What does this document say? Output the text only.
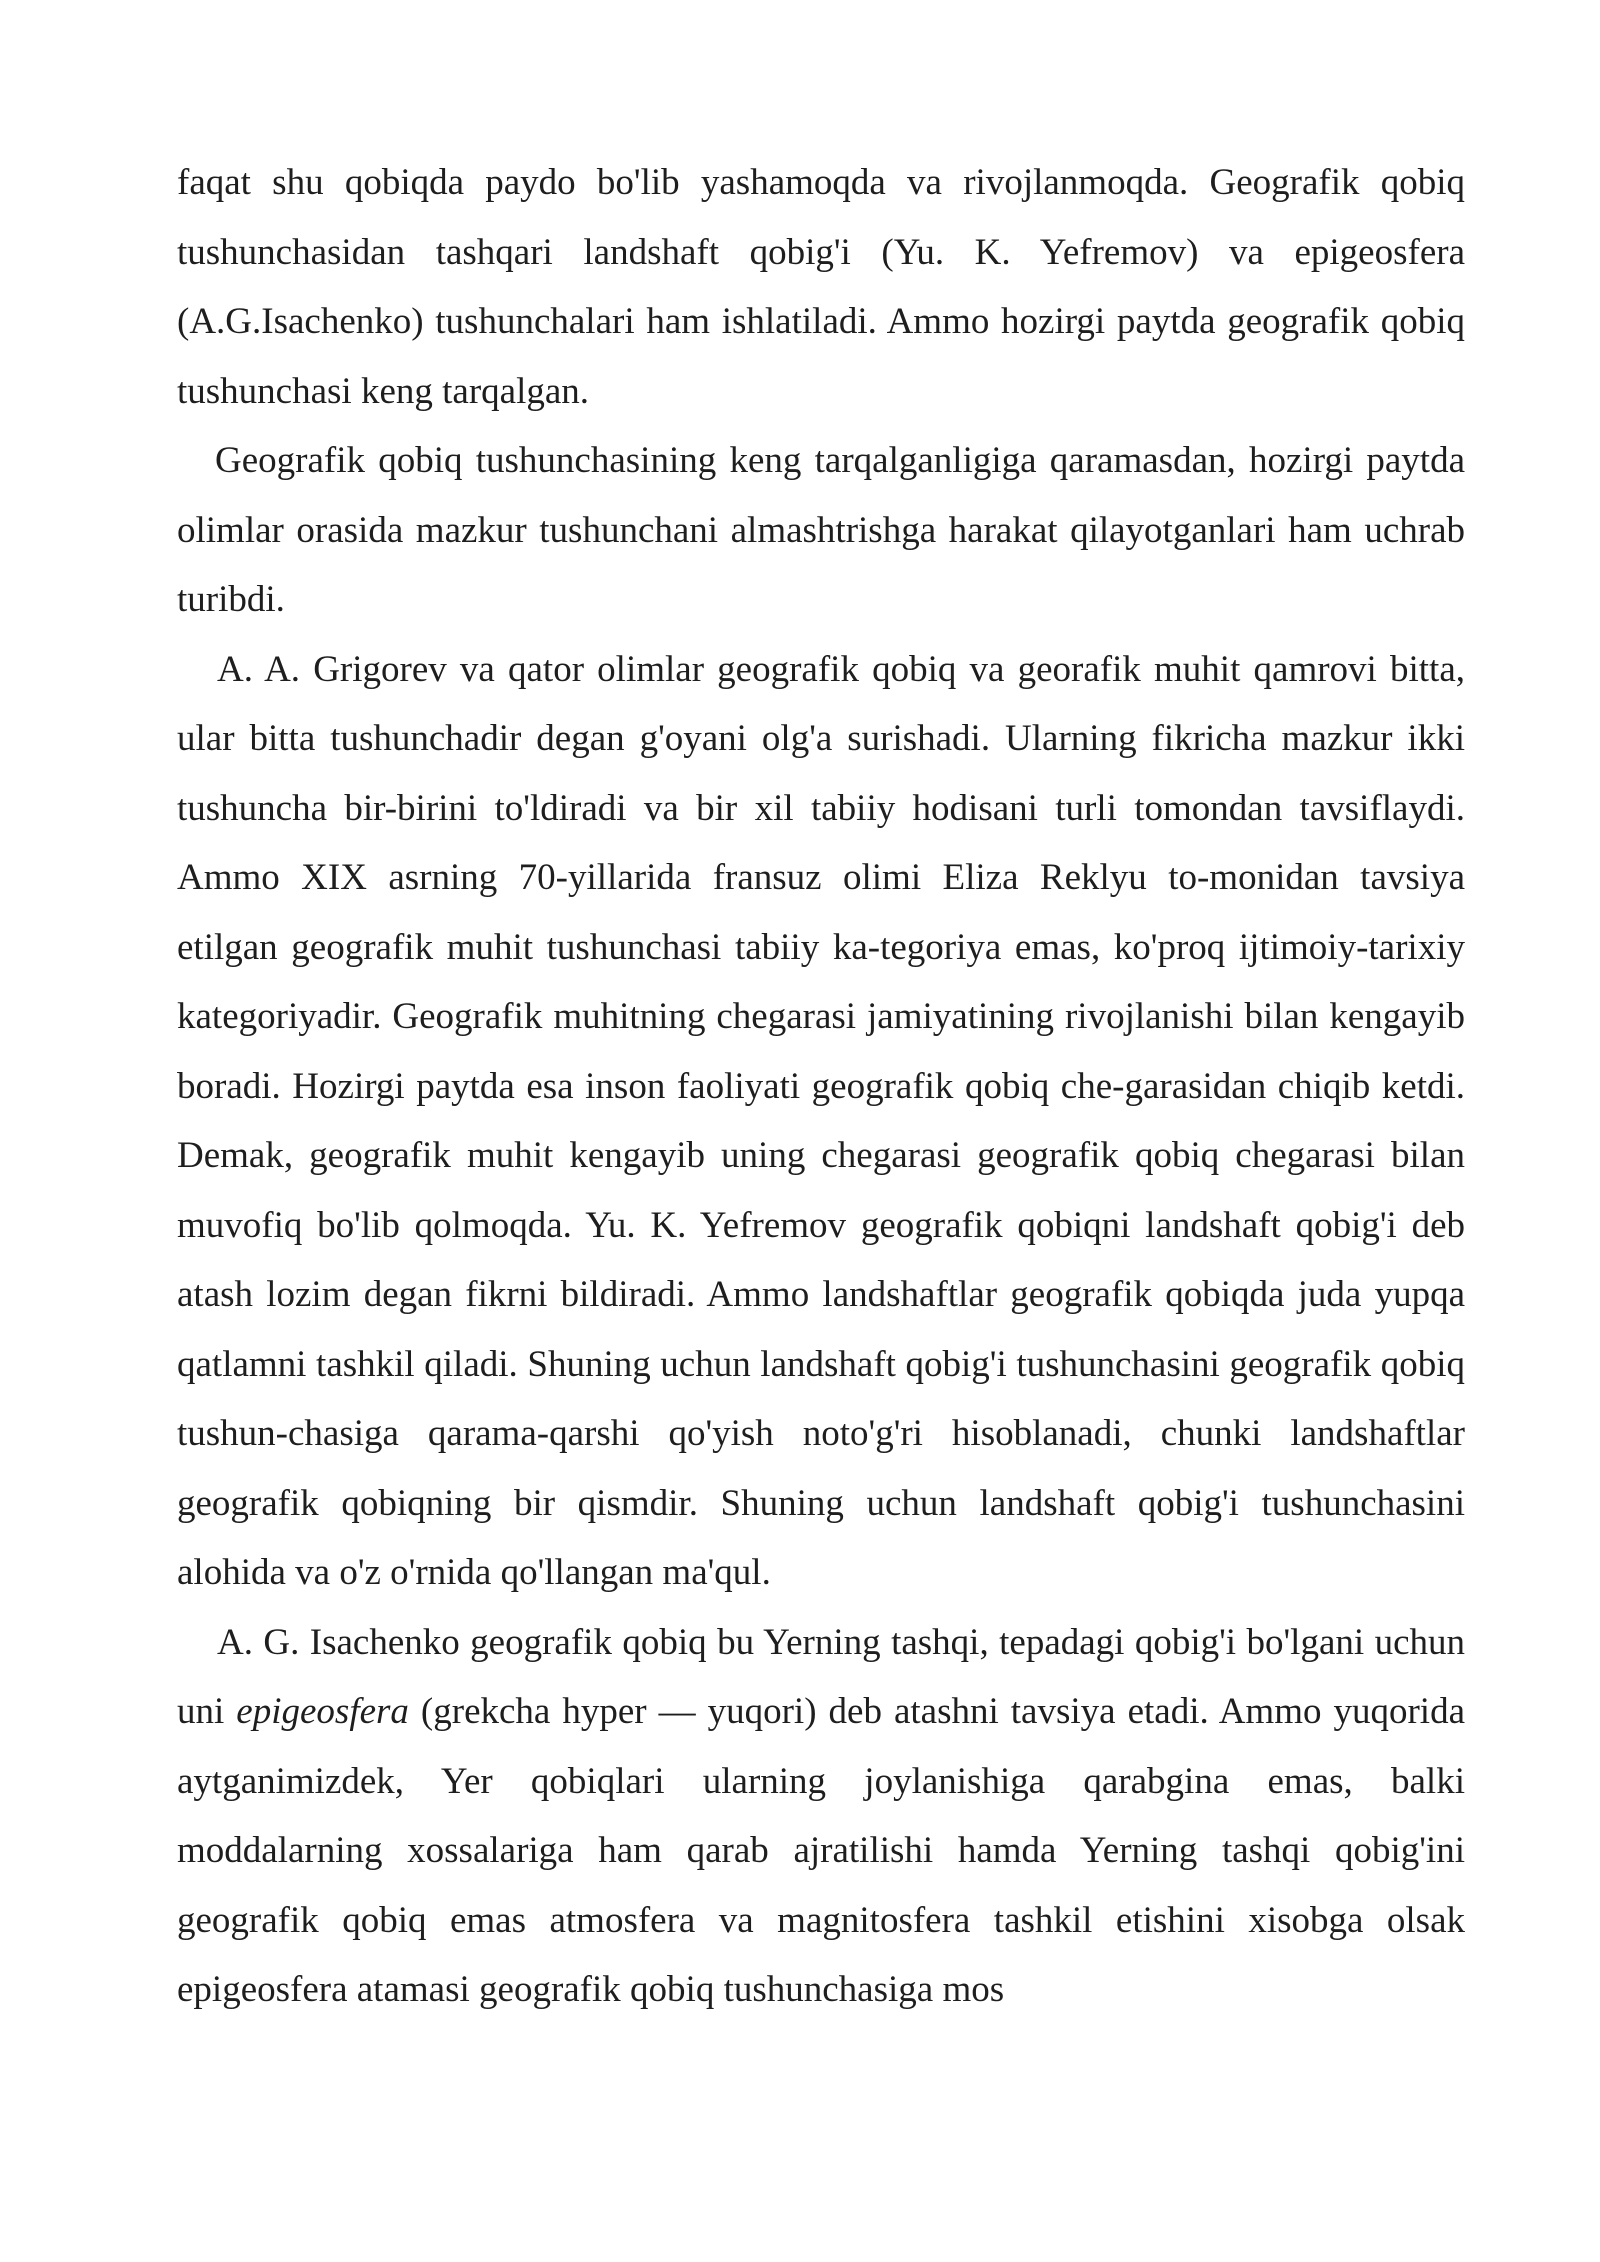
faqat shu qobiqda paydo bo'lib yashamoqda va rivojlanmoqda. Geografik qobiq tushunchasidan tashqari landshaft qobig'i (Yu. K. Yefremov) va epigeosfera (A.G.Isachenko) tushunchalari ham ishlatiladi. Ammo hozirgi paytda geografik qobiq tushunchasi keng tarqalgan.

Geografik qobiq tushunchasining keng tarqalganligiga qaramasdan, hozirgi paytda olimlar orasida mazkur tushunchani almashtrishga harakat qilayotganlari ham uchrab turibdi.

A. A. Grigorev va qator olimlar geografik qobiq va georafik muhit qamrovi bitta, ular bitta tushunchadir degan g'oyani olg'a surishadi. Ularning fikricha mazkur ikki tushuncha bir-birini to'ldiradi va bir xil tabiiy hodisani turli tomondan tavsiflaydi. Ammo XIX asrning 70-yillarida fransuz olimi Eliza Reklyu to-monidan tavsiya etilgan geografik muhit tushunchasi tabiiy ka-tegoriya emas, ko'proq ijtimoiy-tarixiy kategoriyadir. Geografik muhitning chegarasi jamiyatining rivojlanishi bilan kengayib boradi. Hozirgi paytda esa inson faoliyati geografik qobiq che-garasidan chiqib ketdi. Demak, geografik muhit kengayib uning chegarasi geografik qobiq chegarasi bilan muvofiq bo'lib qolmoqda. Yu. K. Yefremov geografik qobiqni landshaft qobig'i deb atash lozim degan fikrni bildiradi. Ammo landshaftlar geografik qobiqda juda yupqa qatlamni tashkil qiladi. Shuning uchun landshaft qobig'i tushunchasini geografik qobiq tushun-chasiga qarama-qarshi qo'yish noto'g'ri hisoblanadi, chunki landshaftlar geografik qobiqning bir qismdir. Shuning uchun landshaft qobig'i tushunchasini alohida va o'z o'rnida qo'llangan ma'qul.

A. G. Isachenko geografik qobiq bu Yerning tashqi, tepadagi qobig'i bo'lgani uchun uni epigeosfera (grekcha hyper — yuqori) deb atashni tavsiya etadi. Ammo yuqorida aytganimizdek, Yer qobiqlari ularning joylanishiga qarabgina emas, balki moddalarning xossalariga ham qarab ajratilishi hamda Yerning tashqi qobig'ini geografik qobiq emas atmosfera va magnitosfera tashkil etishini xisobga olsak epigeosfera atamasi geografik qobiq tushunchasiga mos
